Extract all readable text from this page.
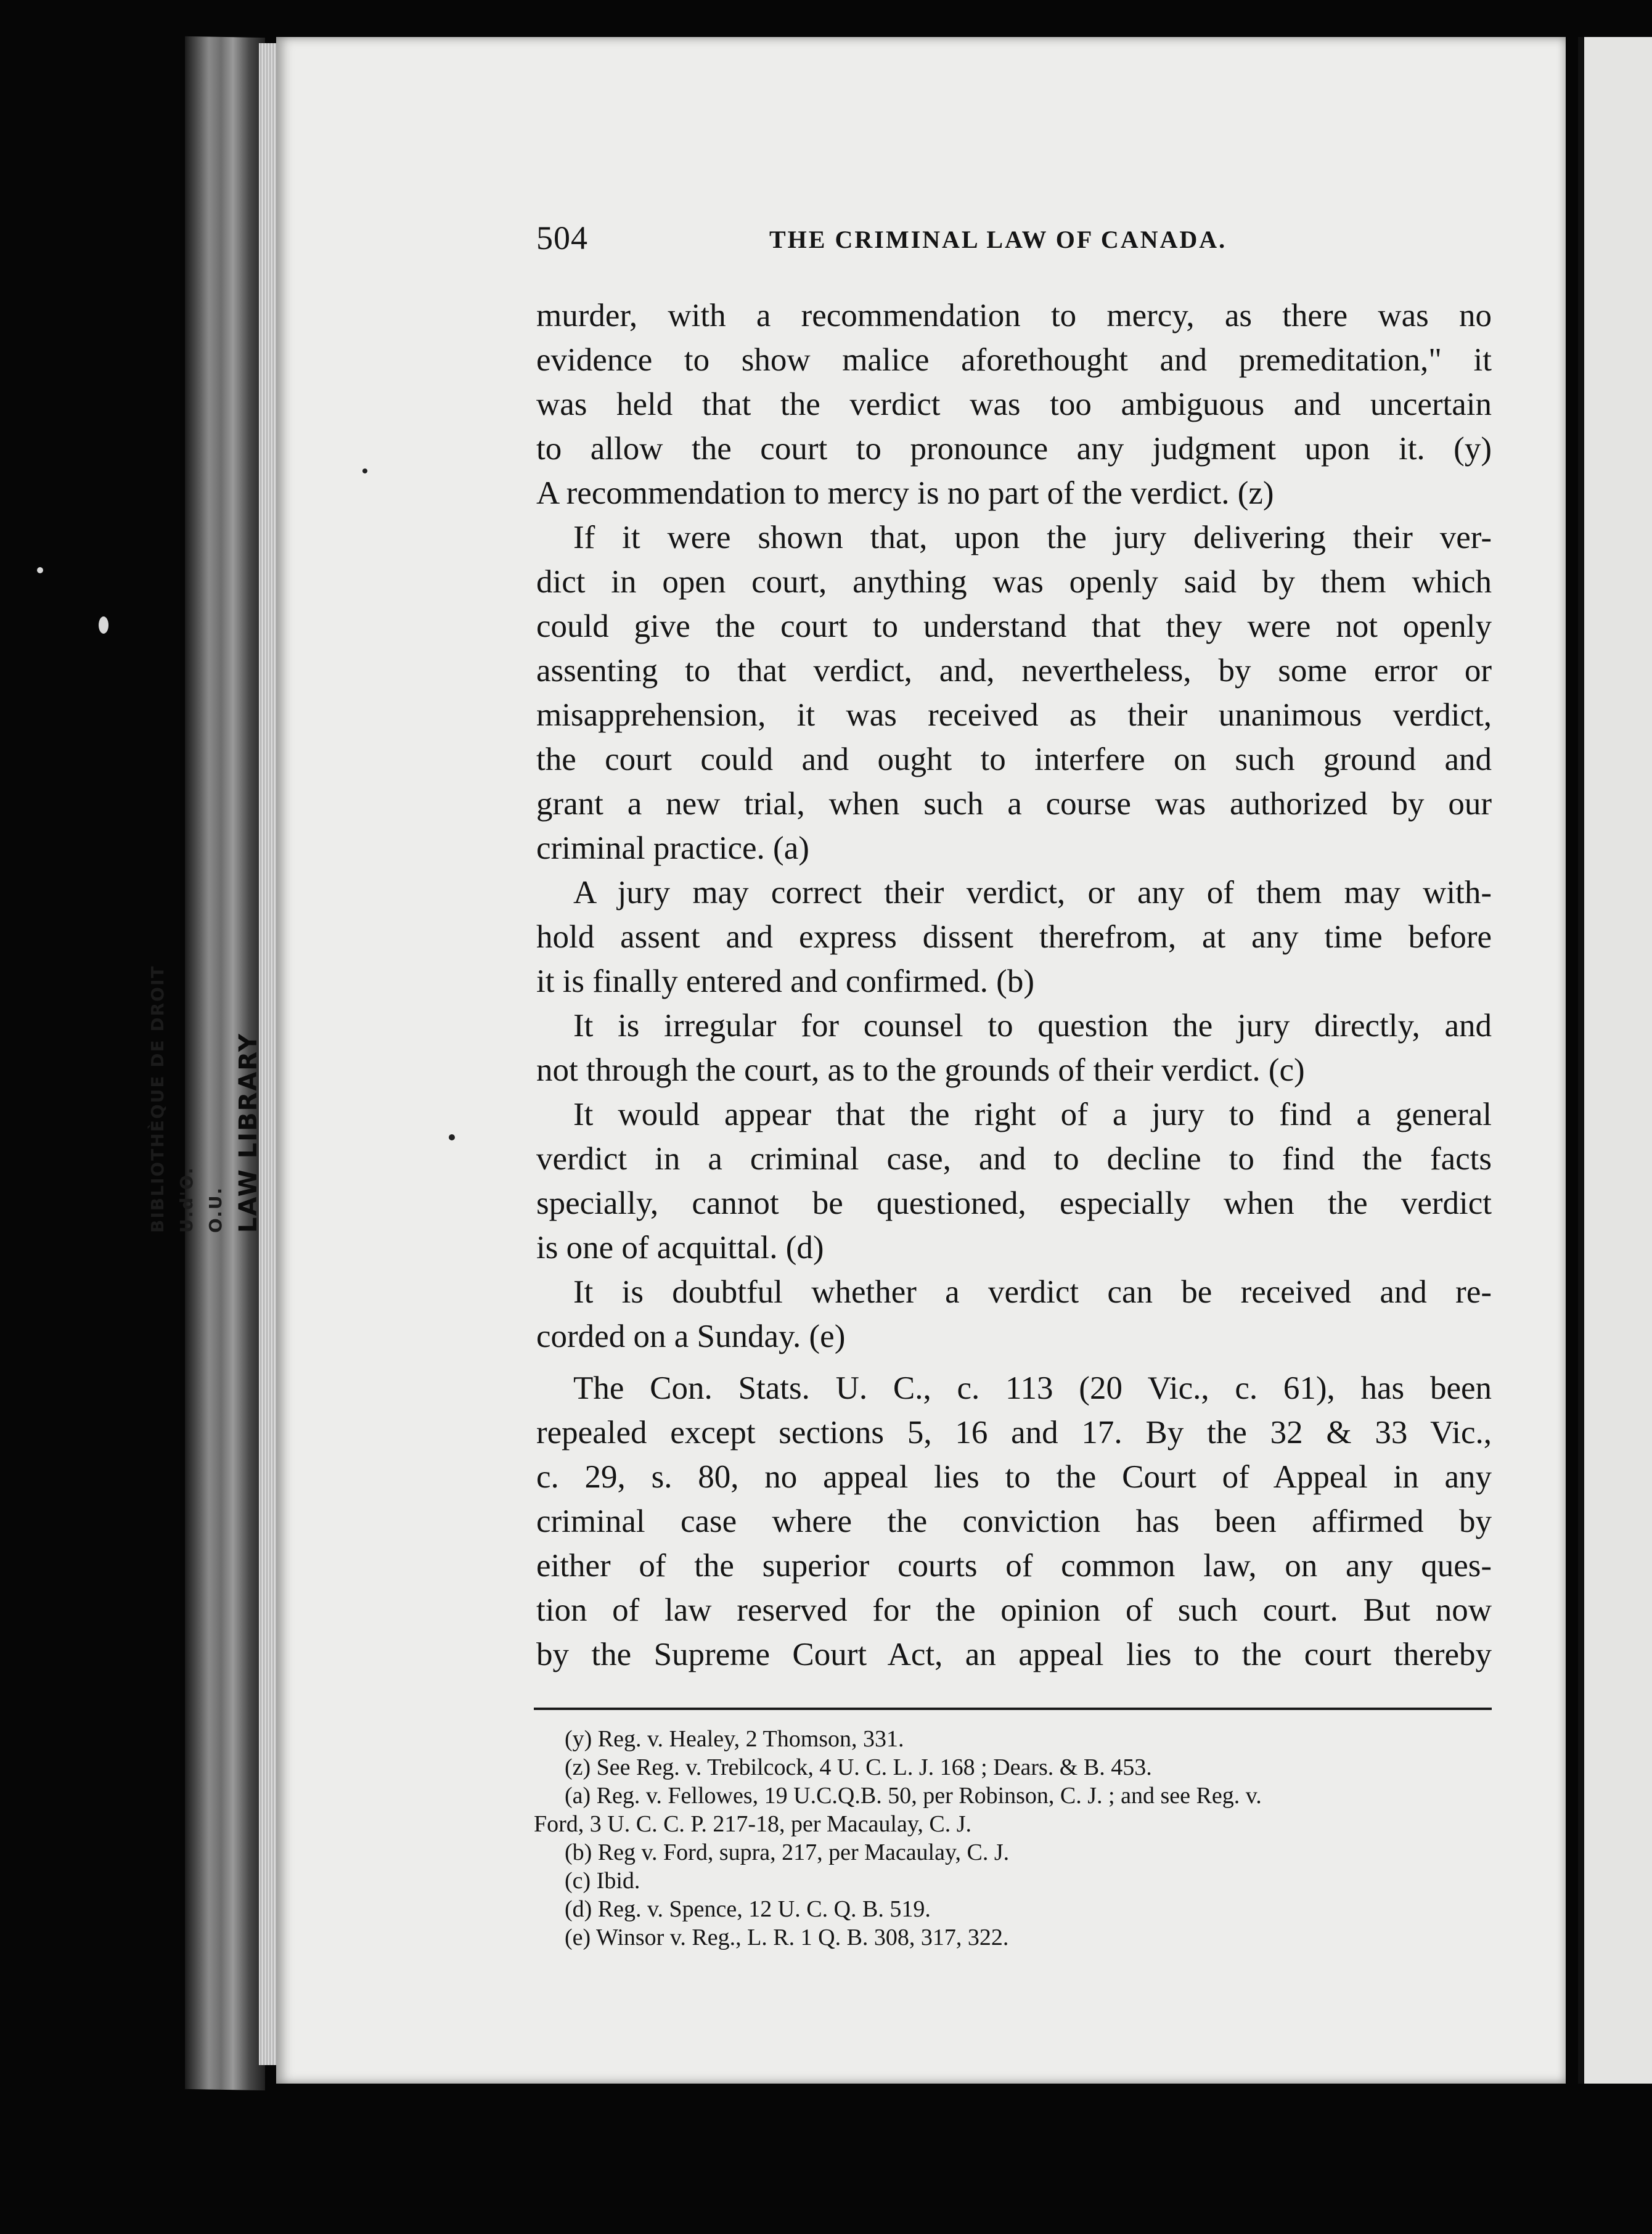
BIBLIOTHÈQUE DE DROIT U.d'O. O.U. LAW LIBRARY
504	THE CRIMINAL LAW OF CANADA.
murder, with a recommendation to mercy, as there was no
evidence to show malice aforethought and premeditation," it
was held that the verdict was too ambiguous and uncertain
to allow the court to pronounce any judgment upon it. (y)
A recommendation to mercy is no part of the verdict. (z)
If it were shown that, upon the jury delivering their ver-
dict in open court, anything was openly said by them which
could give the court to understand that they were not openly
assenting to that verdict, and, nevertheless, by some error or
misapprehension, it was received as their unanimous verdict,
the court could and ought to interfere on such ground and
grant a new trial, when such a course was authorized by our
criminal practice. (a)
A jury may correct their verdict, or any of them may with-
hold assent and express dissent therefrom, at any time before
it is finally entered and confirmed. (b)
It is irregular for counsel to question the jury directly, and
not through the court, as to the grounds of their verdict. (c)
It would appear that the right of a jury to find a general
verdict in a criminal case, and to decline to find the facts
specially, cannot be questioned, especially when the verdict
is one of acquittal. (d)
It is doubtful whether a verdict can be received and re-
corded on a Sunday. (e)
The Con. Stats. U. C., c. 113 (20 Vic., c. 61), has been
repealed except sections 5, 16 and 17. By the 32 & 33 Vic.,
c. 29, s. 80, no appeal lies to the Court of Appeal in any
criminal case where the conviction has been affirmed by
either of the superior courts of common law, on any ques-
tion of law reserved for the opinion of such court. But now
by the Supreme Court Act, an appeal lies to the court thereby
(y) Reg. v. Healey, 2 Thomson, 331.
(z) See Reg. v. Trebilcock, 4 U. C. L. J. 168 ; Dears. & B. 453.
(a) Reg. v. Fellowes, 19 U.C.Q.B. 50, per Robinson, C. J. ; and see Reg. v.
Ford, 3 U. C. C. P. 217-18, per Macaulay, C. J.
(b) Reg v. Ford, supra, 217, per Macaulay, C. J.
(c) Ibid.
(d) Reg. v. Spence, 12 U. C. Q. B. 519.
(e) Winsor v. Reg., L. R. 1 Q. B. 308, 317, 322.
